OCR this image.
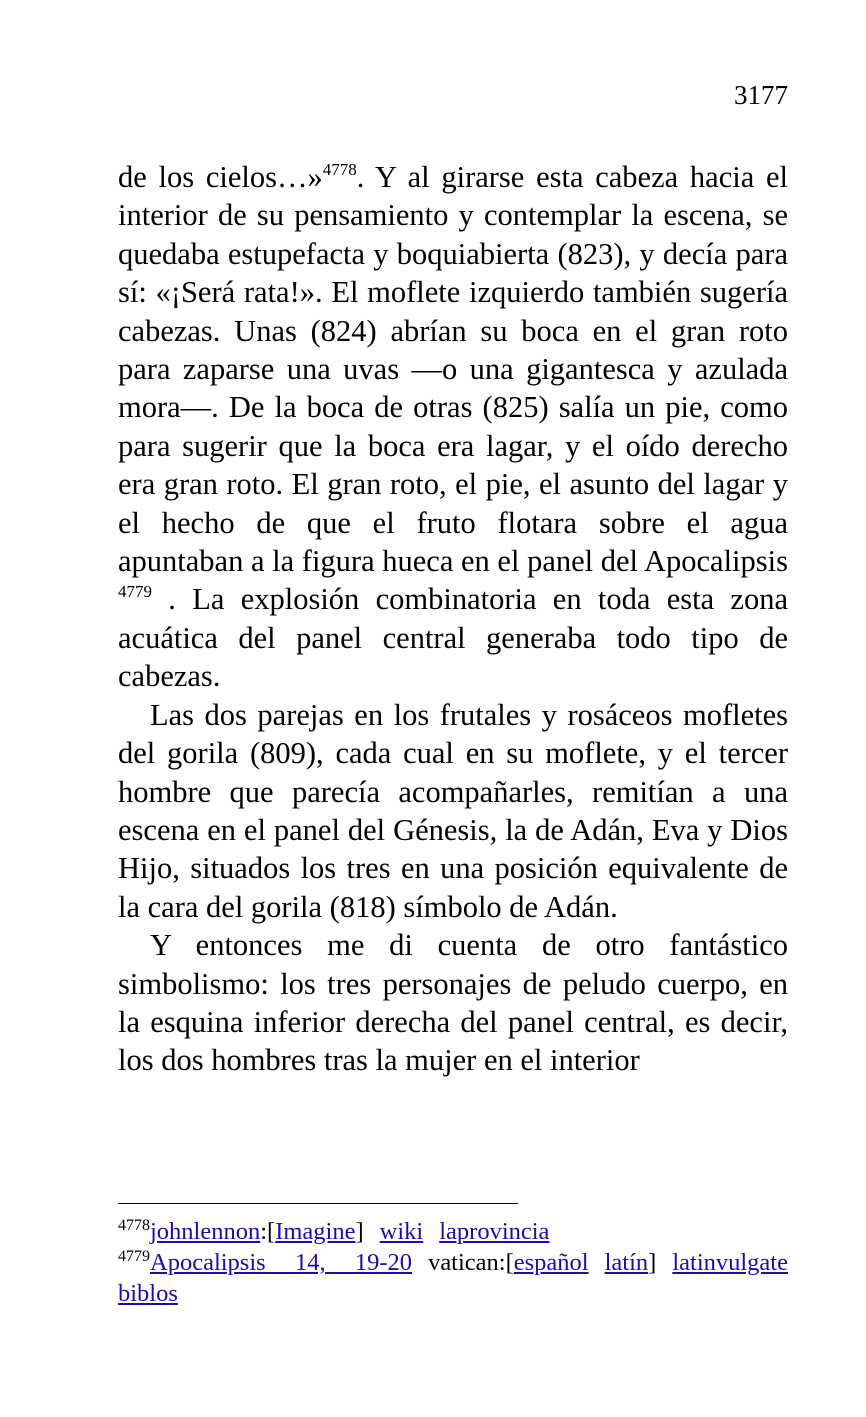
3177

de los cielos…»$^{4778}$. Y al girarse esta cabeza hacia el interior de su pensamiento y contemplar la escena, se quedaba estupefacta y boquiabierta (823), y decía para sí: «¡Será rata!». El moflete izquierdo también sugería cabezas. Unas (824) abrían su boca en el gran roto para zaparse una uvas —o una gigantesca y azulada mora—. De la boca de otras (825) salía un pie, como para sugerir que la boca era lagar, y el oído derecho era gran roto. El gran roto, el pie, el asunto del lagar y el hecho de que el fruto flotara sobre el agua apuntaban a la figura hueca en el panel del Apocalipsis $^{4779}$ . La explosión combinatoria en toda esta zona acuática del panel central generaba todo tipo de cabezas.

Las dos parejas en los frutales y rosáceos mofletes del gorila (809), cada cual en su moflete, y el tercer hombre que parecía acompañarles, remitían a una escena en el panel del Génesis, la de Adán, Eva y Dios Hijo, situados los tres en una posición equivalente de la cara del gorila (818) símbolo de Adán.

Y entonces me di cuenta de otro fantástico simbolismo: los tres personajes de peludo cuerpo, en la esquina inferior derecha del panel central, es decir, los dos hombres tras la mujer en el interior

$^{4778}$johnlennon:[Imagine] wiki laprovincia

$^{4779}$Apocalipsis 14, 19-20 vatican:[español latín] latinvulgate biblos
